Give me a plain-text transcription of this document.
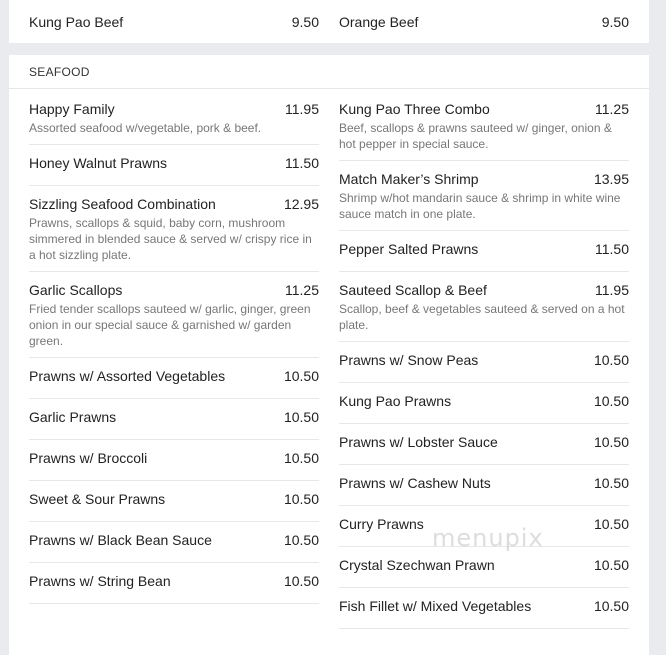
Kung Pao Beef	9.50 Orange Beef	9.50
SEAFOOD
Happy Family	11.95
Assorted seafood w/vegetable, pork & beef.
Honey Walnut Prawns	11.50
Sizzling Seafood Combination	12.95
Prawns, scallops & squid, baby corn, mushroom simmered in blended sauce & served w/ crispy rice in a hot sizzling plate.
Garlic Scallops	11.25
Fried tender scallops sauteed w/ garlic, ginger, green onion in our special sauce & garnished w/ garden green.
Prawns w/ Assorted Vegetables	10.50
Garlic Prawns	10.50
Prawns w/ Broccoli	10.50
Sweet & Sour Prawns	10.50
Prawns w/ Black Bean Sauce	10.50
Prawns w/ String Bean	10.50
Kung Pao Three Combo	11.25
Beef, scallops & prawns sauteed w/ ginger, onion & hot pepper in special sauce.
Match Maker’s Shrimp	13.95
Shrimp w/hot mandarin sauce & shrimp in white wine sauce match in one plate.
Pepper Salted Prawns	11.50
Sauteed Scallop & Beef	11.95
Scallop, beef & vegetables sauteed & served on a hot plate.
Prawns w/ Snow Peas	10.50
Kung Pao Prawns	10.50
Prawns w/ Lobster Sauce	10.50
Prawns w/ Cashew Nuts	10.50
Curry Prawns	10.50
Crystal Szechwan Prawn	10.50
Fish Fillet w/ Mixed Vegetables	10.50
menupix
